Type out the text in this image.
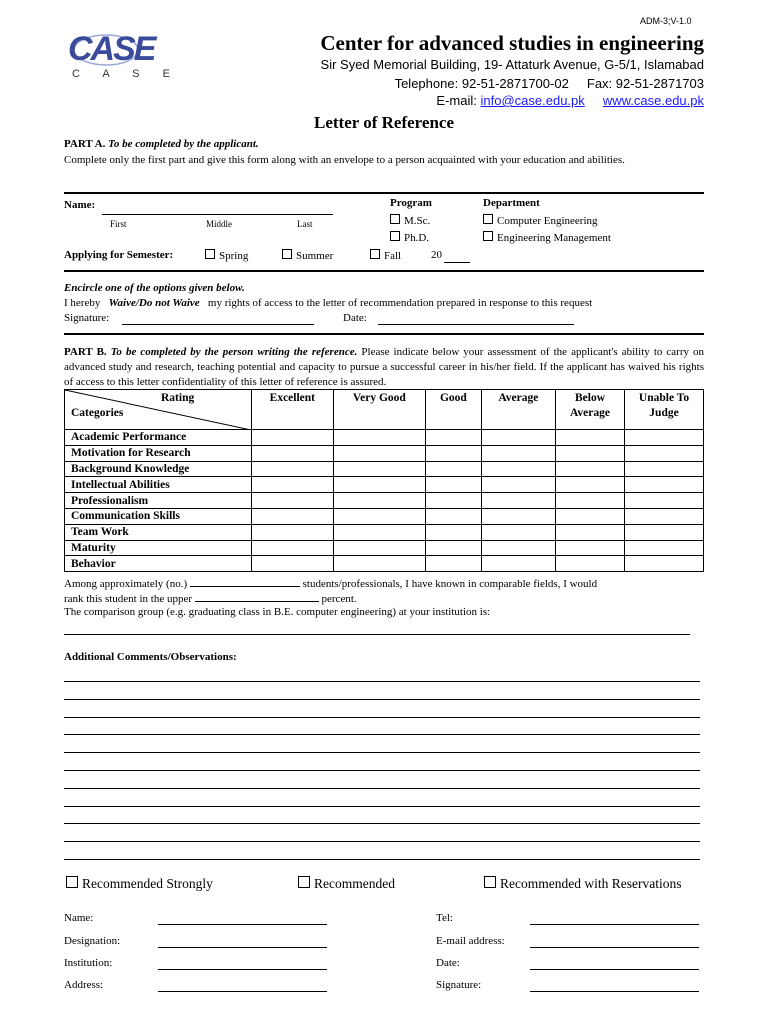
ADM-3;V-1.0
CASE
C A S E
Center for advanced studies in engineering
Sir Syed Memorial Building, 19- Attaturk Avenue, G-5/1, Islamabad
Telephone: 92-51-2871700-02 Fax: 92-51-2871703
E-mail: info@case.edu.pk www.case.edu.pk
Letter of Reference
PART A. To be completed by the applicant.
Complete only the first part and give this form along with an envelope to a person acquainted with your education and abilities.
Name:
First	Middle	Last
Program
M.Sc.
Ph.D.
Department
Computer Engineering
Engineering Management
Applying for Semester:	Spring	Summer	Fall	20
Encircle one of the options given below.
I hereby Waive/Do not Waive my rights of access to the letter of recommendation prepared in response to this request
Signature:	Date:
PART B. To be completed by the person writing the reference. Please indicate below your assessment of the applicant's ability to carry on advanced study and research, teaching potential and capacity to pursue a successful career in his/her field. If the applicant has waived his rights of access to this letter confidentiality of this letter of reference is assured.
Rating
Categories	Excellent	Very Good	Good	Average	Below Average	Unable To Judge
Academic Performance						
Motivation for Research						
Background Knowledge						
Intellectual Abilities						
Professionalism						
Communication Skills						
Team Work						
Maturity						
Behavior						
Among approximately (no.)	students/professionals, I have known in comparable fields, I would
rank this student in the upper	percent.
The comparison group (e.g. graduating class in B.E. computer engineering) at your institution is:
Additional Comments/Observations:
Recommended Strongly	Recommended	Recommended with Reservations
Name:
Designation:
Institution:
Address:
Tel:
E-mail address:
Date:
Signature:
